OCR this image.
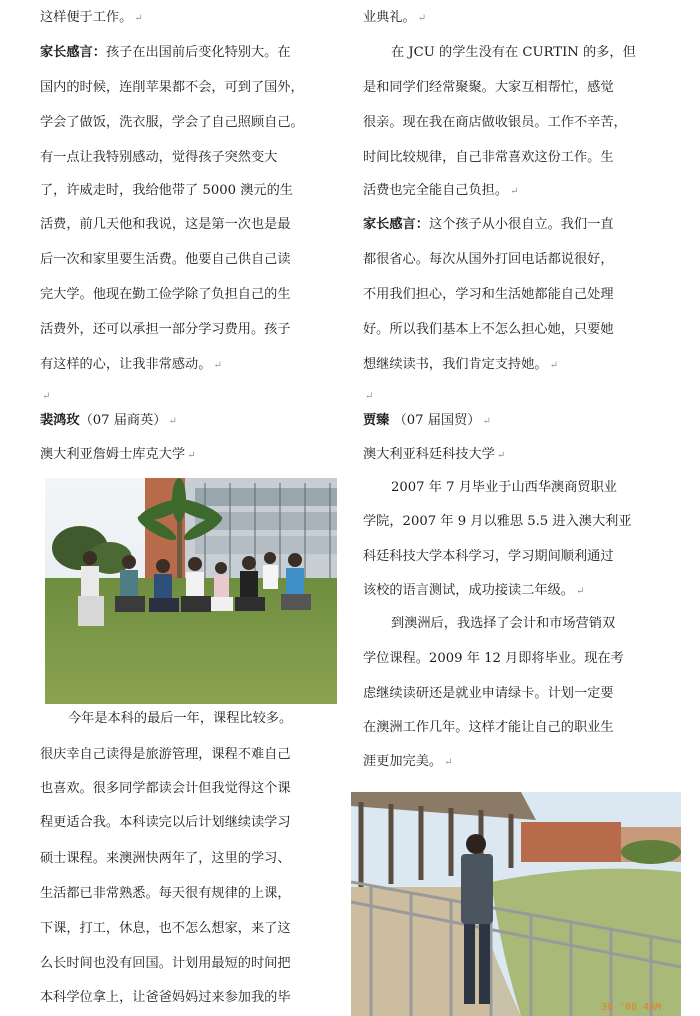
这样便于工作。 ↵
家长感言：孩子在出国前后变化特别大。在
国内的时候，连削苹果都不会，可到了国外，
学会了做饭，洗衣服，学会了自己照顾自己。
有一点让我特别感动，觉得孩子突然变大
了，许威走时，我给他带了 5000 澳元的生
活费，前几天他和我说，这是第一次也是最
后一次和家里要生活费。他要自己供自己读
完大学。他现在勤工俭学除了负担自己的生
活费外，还可以承担一部分学习费用。孩子
有这样的心，让我非常感动。 ↵
↵
裴鸿玫（07 届商英） ↵
澳大利亚詹姆士库克大学 ↵
今年是本科的最后一年，课程比较多。
很庆幸自己读得是旅游管理，课程不难自己
也喜欢。很多同学都读会计但我觉得这个课
程更适合我。本科读完以后计划继续读学习
硕士课程。来澳洲快两年了，这里的学习、
生活都已非常熟悉。每天很有规律的上课，
下课，打工，休息，也不怎么想家，来了这
么长时间也没有回国。计划用最短的时间把
本科学位拿上，让爸爸妈妈过来参加我的毕
业典礼。 ↵
在 JCU 的学生没有在 CURTIN 的多，但
是和同学们经常聚聚。大家互相帮忙，感觉
很亲。现在我在商店做收银员。工作不辛苦，
时间比较规律，自己非常喜欢这份工作。生
活费也完全能自己负担。 ↵
家长感言：这个孩子从小很自立。我们一直
都很省心。每次从国外打回电话都说很好，
不用我们担心，学习和生活她都能自己处理
好。所以我们基本上不怎么担心她，只要她
想继续读书，我们肯定支持她。 ↵
↵
贾臻 （07 届国贸） ↵
澳大利亚科廷科技大学 ↵
2007 年 7 月毕业于山西华澳商贸职业
学院，2007 年 9 月以雅思 5.5 进入澳大利亚
科廷科技大学本科学习，学习期间顺利通过
该校的语言测试，成功接读二年级。 ↵
到澳洲后，我选择了会计和市场营销双
学位课程。2009 年 12 月即将毕业。现在考
虑继续读研还是就业申请绿卡。计划一定要
在澳洲工作几年。这样才能让自己的职业生
涯更加完美。 ↵
30 '08 4AM
